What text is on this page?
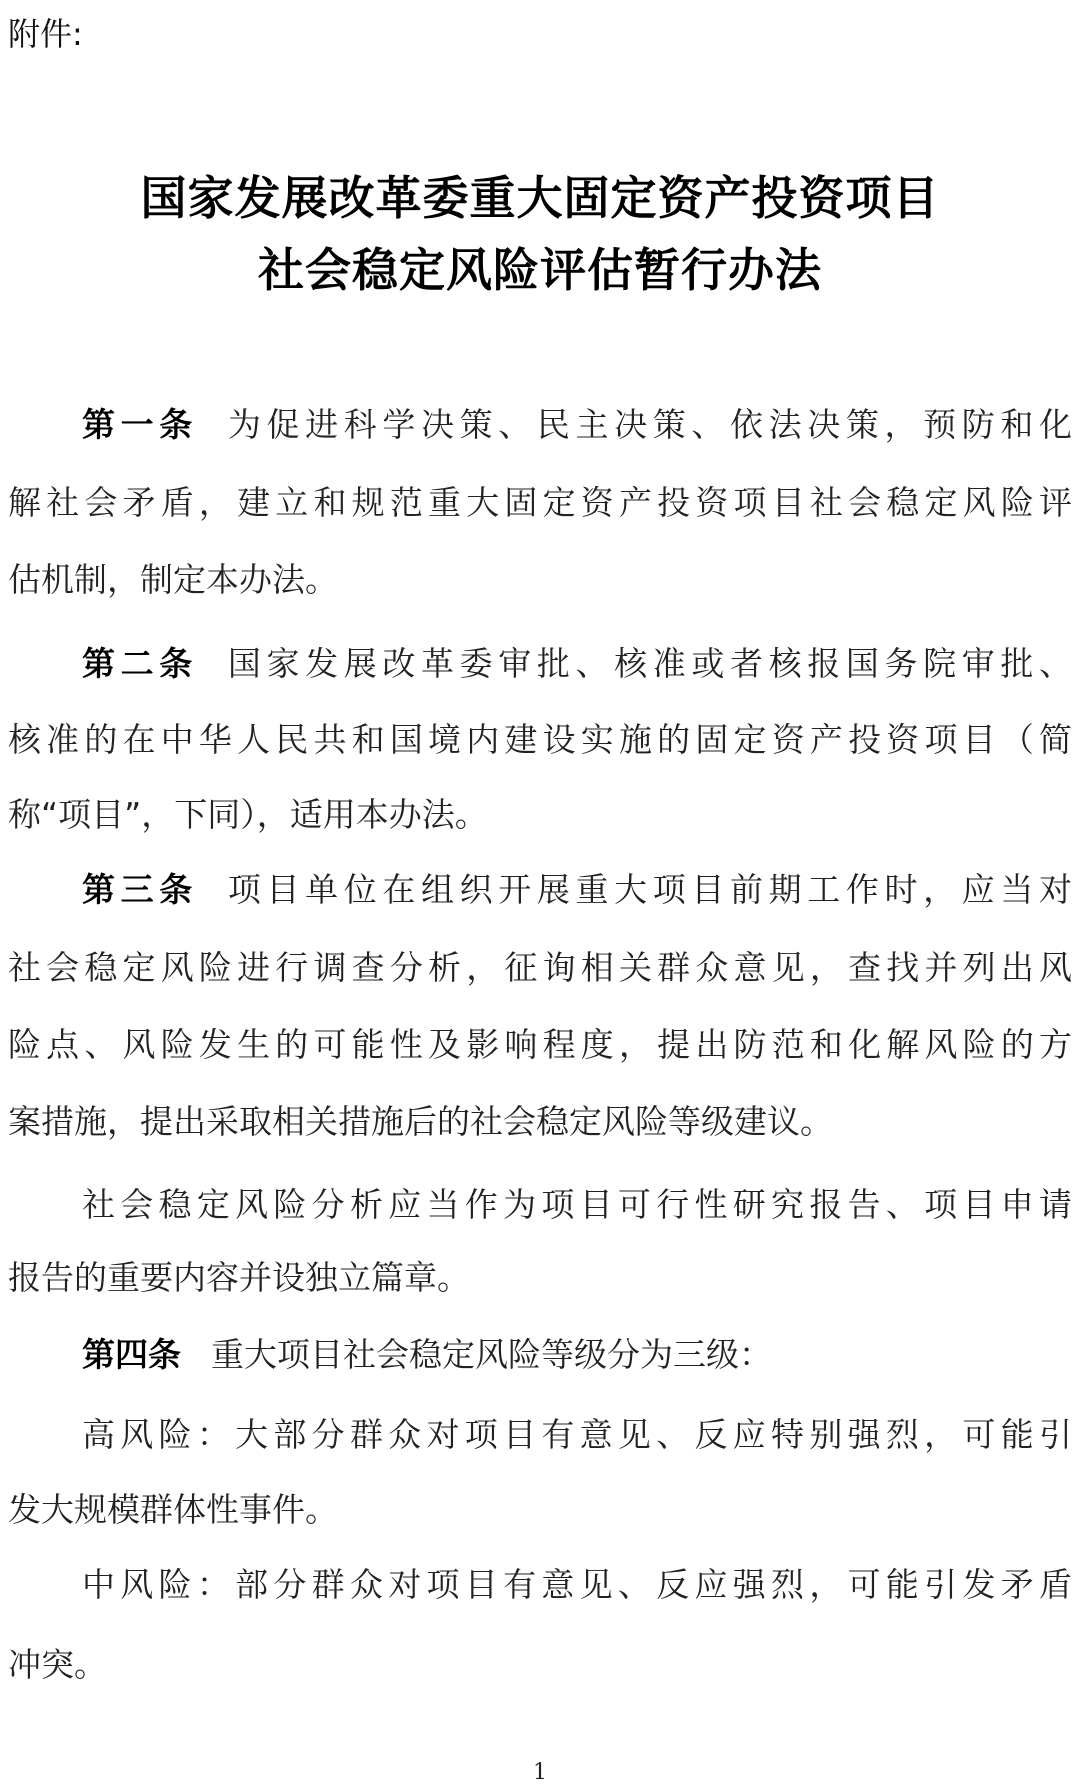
附件:
国家发展改革委重大固定资产投资项目
社会稳定风险评估暂行办法
第一条 为促进科学决策、民主决策、依法决策，预防和化
解社会矛盾，建立和规范重大固定资产投资项目社会稳定风险评
估机制，制定本办法。
第二条 国家发展改革委审批、核准或者核报国务院审批、
核准的在中华人民共和国境内建设实施的固定资产投资项目（简
称“项目”，下同），适用本办法。
第三条 项目单位在组织开展重大项目前期工作时，应当对
社会稳定风险进行调查分析，征询相关群众意见，查找并列出风
险点、风险发生的可能性及影响程度，提出防范和化解风险的方
案措施，提出采取相关措施后的社会稳定风险等级建议。
社会稳定风险分析应当作为项目可行性研究报告、项目申请
报告的重要内容并设独立篇章。
第四条 重大项目社会稳定风险等级分为三级：
高风险：大部分群众对项目有意见、反应特别强烈，可能引
发大规模群体性事件。
中风险：部分群众对项目有意见、反应强烈，可能引发矛盾
冲突。
1
